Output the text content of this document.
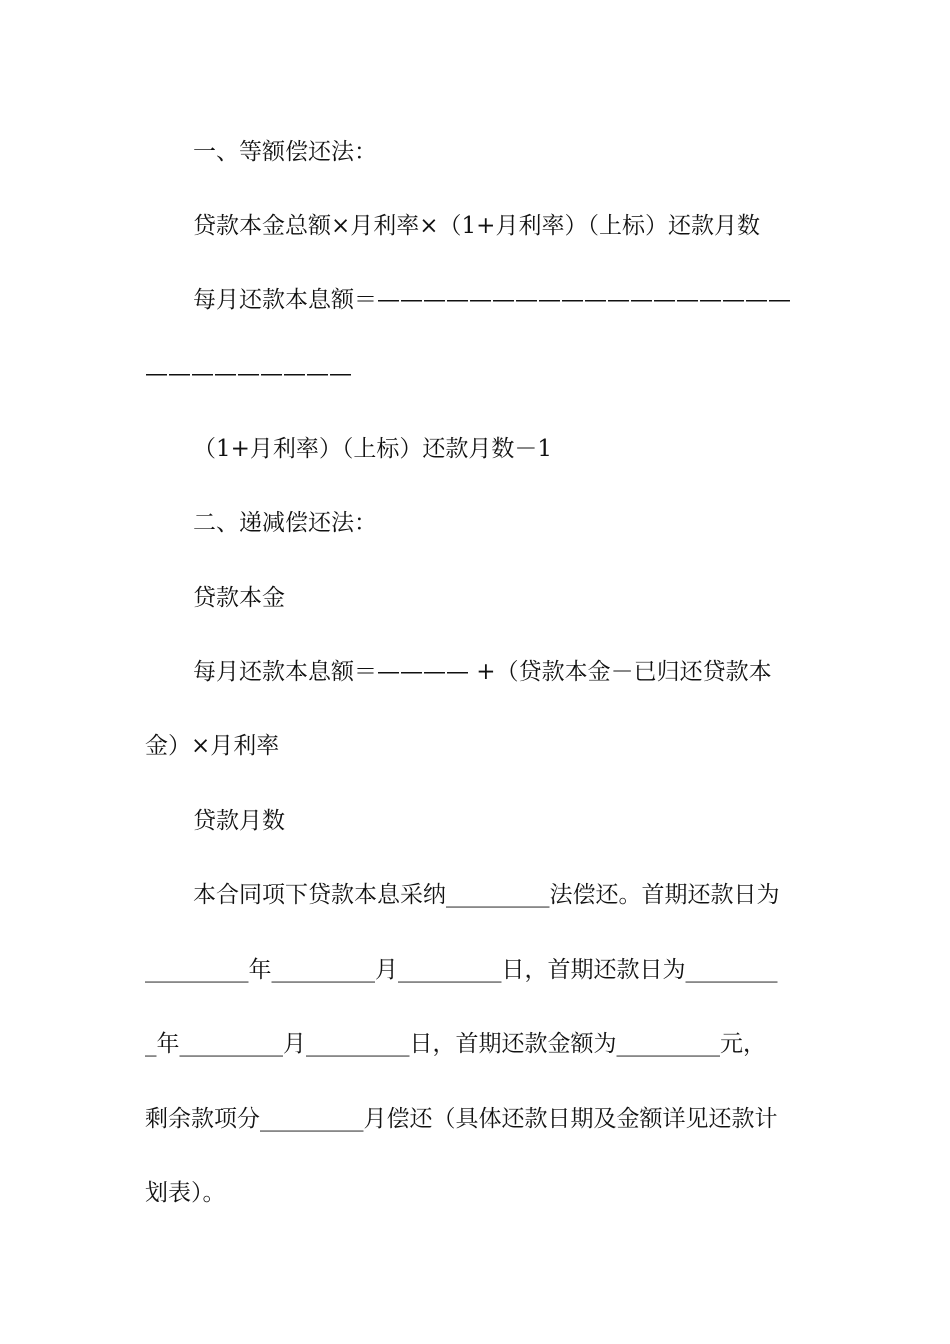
一、等额偿还法：
贷款本金总额×月利率×（1+月利率）（上标）还款月数
每月还款本息额＝——————————————————
—————————
（1+月利率）（上标）还款月数－1
二、递减偿还法：
贷款本金
每月还款本息额＝———— +（贷款本金－已归还贷款本
金）×月利率
贷款月数
本合同项下贷款本息采纳_________法偿还。首期还款日为
_________年_________月_________日，首期还款日为________
_年_________月_________日，首期还款金额为_________元，
剩余款项分_________月偿还（具体还款日期及金额详见还款计
划表）。
